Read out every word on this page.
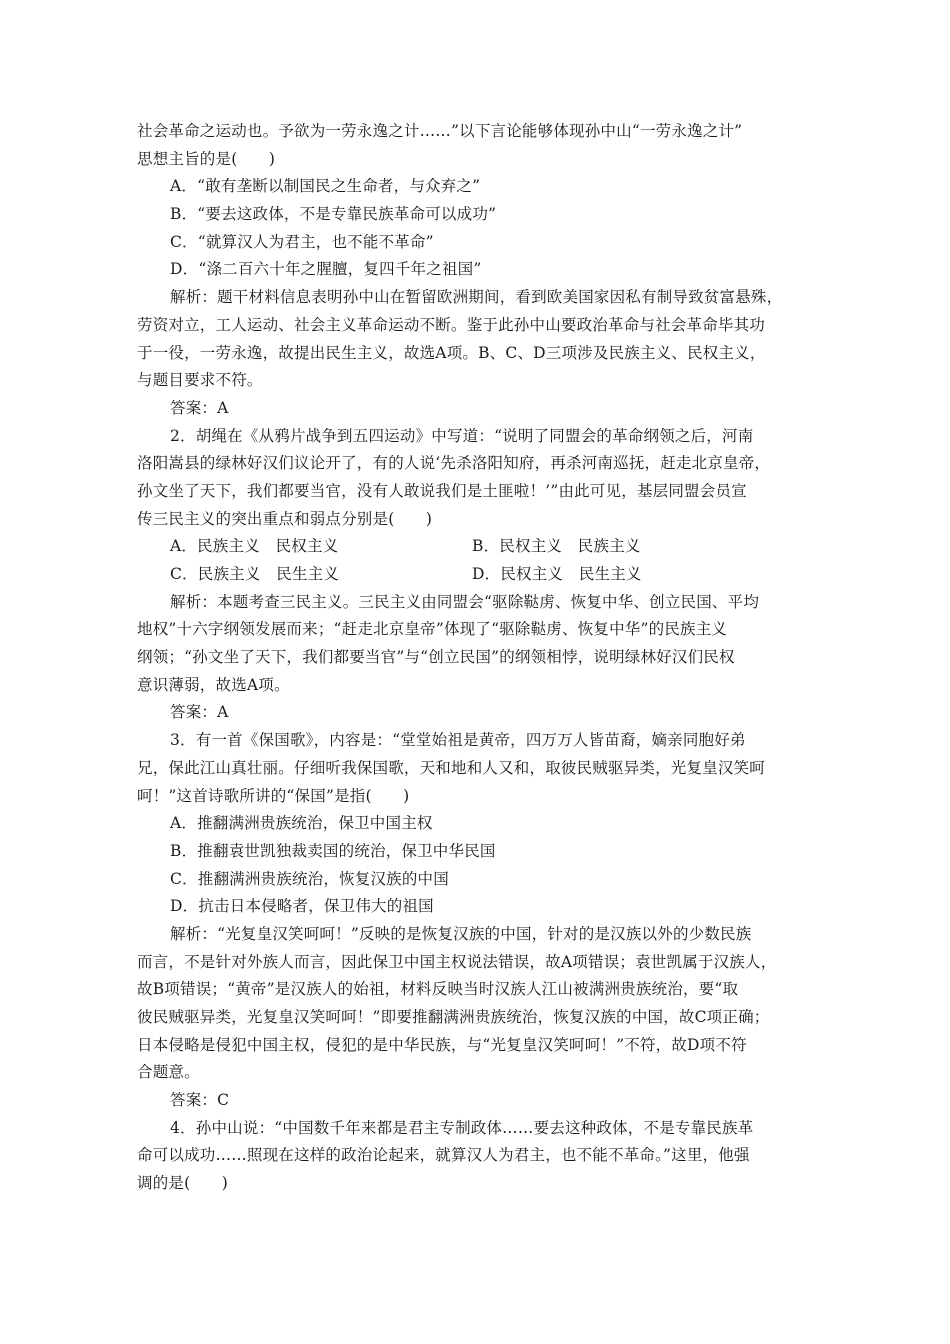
社会革命之运动也。予欲为一劳永逸之计……”以下言论能够体现孙中山“一劳永逸之计”
思想主旨的是(　　)
A．“敢有垄断以制国民之生命者，与众弃之”
B．“要去这政体，不是专靠民族革命可以成功”
C．“就算汉人为君主，也不能不革命”
D．“涤二百六十年之腥膻，复四千年之祖国”
解析：题干材料信息表明孙中山在暂留欧洲期间，看到欧美国家因私有制导致贫富悬殊，
劳资对立，工人运动、社会主义革命运动不断。鉴于此孙中山要政治革命与社会革命毕其功
于一役，一劳永逸，故提出民生主义，故选A项。B、C、D三项涉及民族主义、民权主义，
与题目要求不符。
答案：A
2．胡绳在《从鸦片战争到五四运动》中写道：“说明了同盟会的革命纲领之后，河南
洛阳嵩县的绿林好汉们议论开了，有的人说‘先杀洛阳知府，再杀河南巡抚，赶走北京皇帝，
孙文坐了天下，我们都要当官，没有人敢说我们是土匪啦！’”由此可见，基层同盟会员宣
传三民主义的突出重点和弱点分别是(　　)
A．民族主义　民权主义	B．民权主义　民族主义
C．民族主义　民生主义	D．民权主义　民生主义
解析：本题考查三民主义。三民主义由同盟会“驱除鞑虏、恢复中华、创立民国、平均
地权”十六字纲领发展而来；“赶走北京皇帝”体现了“驱除鞑虏、恢复中华”的民族主义
纲领；“孙文坐了天下，我们都要当官”与“创立民国”的纲领相悖，说明绿林好汉们民权
意识薄弱，故选A项。
答案：A
3．有一首《保国歌》，内容是：“堂堂始祖是黄帝，四万万人皆苗裔，嫡亲同胞好弟
兄，保此江山真壮丽。仔细听我保国歌，天和地和人又和，取彼民贼驱异类，光复皇汉笑呵
呵！”这首诗歌所讲的“保国”是指(　　)
A．推翻满洲贵族统治，保卫中国主权
B．推翻袁世凯独裁卖国的统治，保卫中华民国
C．推翻满洲贵族统治，恢复汉族的中国
D．抗击日本侵略者，保卫伟大的祖国
解析：“光复皇汉笑呵呵！”反映的是恢复汉族的中国，针对的是汉族以外的少数民族
而言，不是针对外族人而言，因此保卫中国主权说法错误，故A项错误；袁世凯属于汉族人，
故B项错误；“黄帝”是汉族人的始祖，材料反映当时汉族人江山被满洲贵族统治，要“取
彼民贼驱异类，光复皇汉笑呵呵！”即要推翻满洲贵族统治，恢复汉族的中国，故C项正确；
日本侵略是侵犯中国主权，侵犯的是中华民族，与“光复皇汉笑呵呵！”不符，故D项不符
合题意。
答案：C
4．孙中山说：“中国数千年来都是君主专制政体……要去这种政体，不是专靠民族革
命可以成功……照现在这样的政治论起来，就算汉人为君主，也不能不革命。”这里，他强
调的是(　　)
